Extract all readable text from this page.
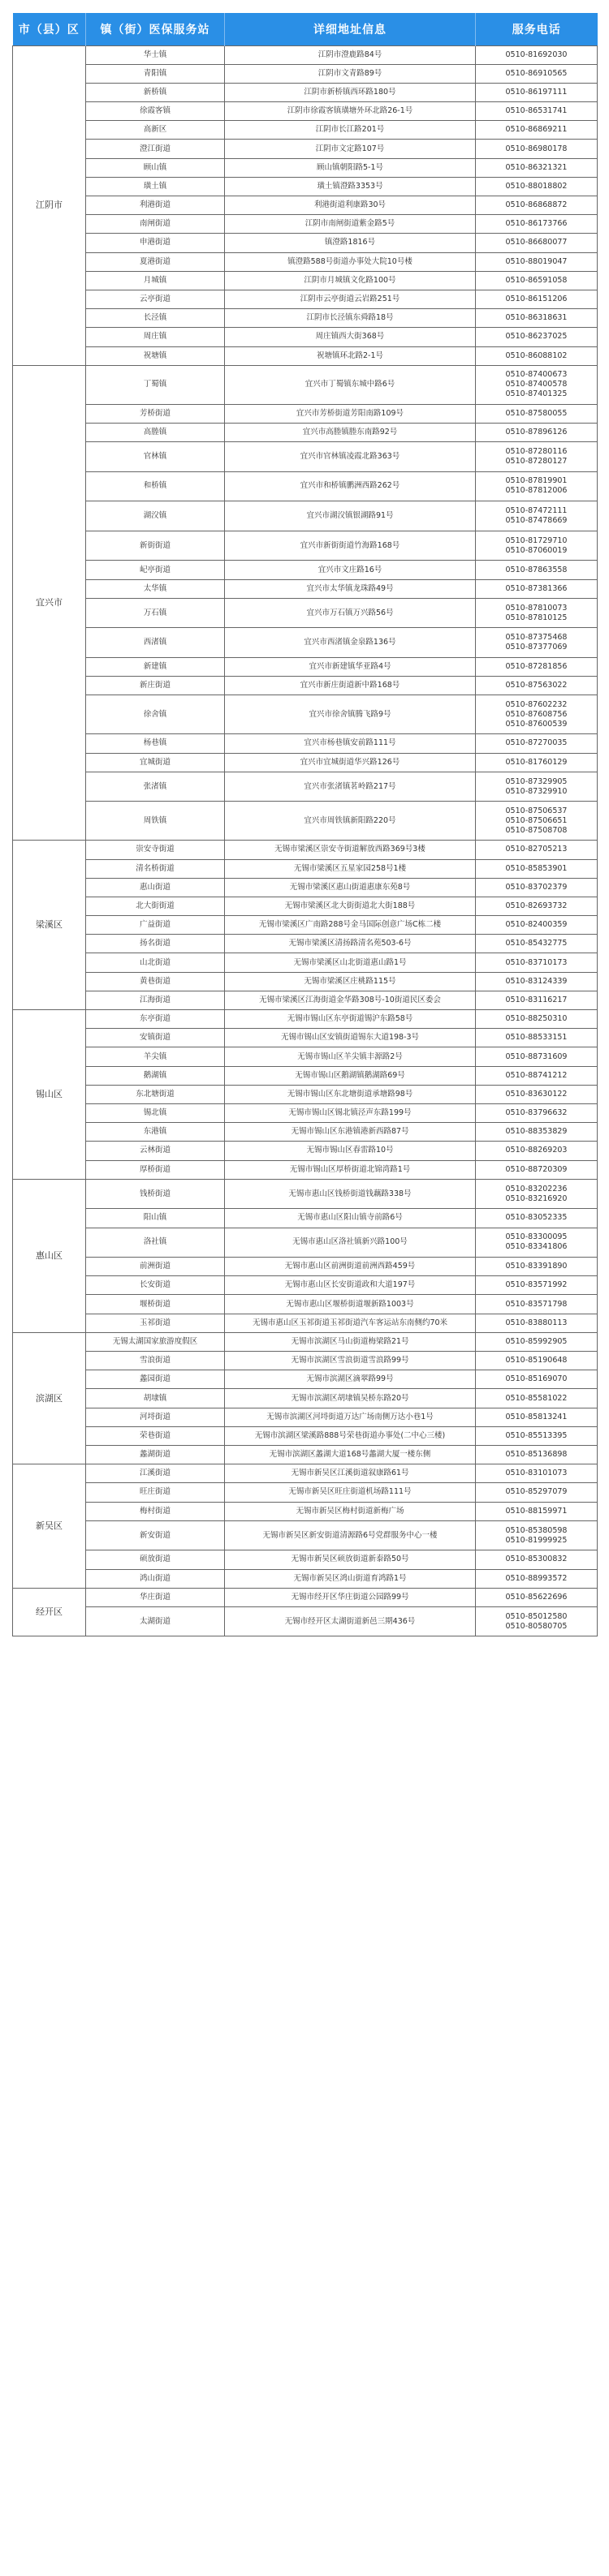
市（县）区	镇（街）医保服务站	详细地址信息	服务电话
江阴市	华士镇	江阴市澄鹿路84号	0510-81692030

	青阳镇	江阴市文青路89号	0510-86910565

	新桥镇	江阴市新桥镇西环路180号	0510-86197111

	徐霞客镇	江阴市徐霞客镇璜塘外环北路26-1号	0510-86531741

	高新区	江阴市长江路201号	0510-86869211

	澄江街道	江阴市文定路107号	0510-86980178

	顾山镇	顾山镇朝阳路5-1号	0510-86321321

	璜土镇	璜土镇澄路3353号	0510-88018802

	利港街道	利港街道利康路30号	0510-86868872

	南闸街道	江阴市南闸街道紫金路5号	0510-86173766

	申港街道	镇澄路1816号	0510-86680077

	夏港街道	镇澄路588号街道办事处大院10号楼	0510-88019047

	月城镇	江阴市月城镇文化路100号	0510-86591058

	云亭街道	江阴市云亭街道云岩路251号	0510-86151206

	长泾镇	江阴市长泾镇东舜路18号	0510-86318631

	周庄镇	周庄镇西大街368号	0510-86237025

	祝塘镇	祝塘镇环北路2-1号	0510-86088102

宜兴市	丁蜀镇	宜兴市丁蜀镇东城中路6号	0510-87400673
0510-87400578
0510-87401325

	芳桥街道	宜兴市芳桥街道芳阳南路109号	0510-87580055

	高塍镇	宜兴市高塍镇塍东南路92号	0510-87896126

	官林镇	宜兴市官林镇凌霞北路363号	0510-87280116
0510-87280127

	和桥镇	宜兴市和桥镇鹏洲西路262号	0510-87819901
0510-87812006

	湖㳇镇	宜兴市湖㳇镇银湖路91号	0510-87472111
0510-87478669

	新街街道	宜兴市新街街道竹海路168号	0510-81729710
0510-87060019

	屺亭街道	宜兴市文庄路16号	0510-87863558

	太华镇	宜兴市太华镇龙珠路49号	0510-87381366

	万石镇	宜兴市万石镇万兴路56号	0510-87810073
0510-87810125

	西渚镇	宜兴市西渚镇金泉路136号	0510-87375468
0510-87377069

	新建镇	宜兴市新建镇华亚路4号	0510-87281856

	新庄街道	宜兴市新庄街道新中路168号	0510-87563022

	徐舍镇	宜兴市徐舍镇腾飞路9号	0510-87602232
0510-87608756
0510-87600539

	杨巷镇	宜兴市杨巷镇安前路111号	0510-87270035

	宜城街道	宜兴市宜城街道华兴路126号	0510-81760129

	张渚镇	宜兴市张渚镇茗岭路217号	0510-87329905
0510-87329910

	周铁镇	宜兴市周铁镇新阳路220号	0510-87506537
0510-87506651
0510-87508708

梁溪区	崇安寺街道	无锡市梁溪区崇安寺街道解放西路369号3楼	0510-82705213

	清名桥街道	无锡市梁溪区五星家园258号1楼	0510-85853901

	惠山街道	无锡市梁溪区惠山街道惠康东苑8号	0510-83702379

	北大街街道	无锡市梁溪区北大街街道北大街188号	0510-82693732

	广益街道	无锡市梁溪区广南路288号金马国际创意广场C栋二楼	0510-82400359

	扬名街道	无锡市梁溪区清扬路清名苑503-6号	0510-85432775

	山北街道	无锡市梁溪区山北街道惠山路1号	0510-83710173

	黄巷街道	无锡市梁溪区庄桃路115号	0510-83124339

	江海街道	无锡市梁溪区江海街道金华路308号-10街道民区委会	0510-83116217

锡山区	东亭街道	无锡市锡山区东亭街道锡沪东路58号	0510-88250310

	安镇街道	无锡市锡山区安镇街道锡东大道198-3号	0510-88533151

	羊尖镇	无锡市锡山区羊尖镇丰源路2号	0510-88731609

	鹅湖镇	无锡市锡山区鹅湖镇鹅湖路69号	0510-88741212

	东北塘街道	无锡市锡山区东北塘街道承塘路98号	0510-83630122

	锡北镇	无锡市锡山区锡北镇泾声东路199号	0510-83796632

	东港镇	无锡市锡山区东港镇港新西路87号	0510-88353829

	云林街道	无锡市锡山区春雷路10号	0510-88269203

	厚桥街道	无锡市锡山区厚桥街道北锦湾路1号	0510-88720309

惠山区	钱桥街道	无锡市惠山区钱桥街道钱藕路338号	0510-83202236
0510-83216920

	阳山镇	无锡市惠山区阳山镇寺前路6号	0510-83052335

	洛社镇	无锡市惠山区洛社镇新兴路100号	0510-83300095
0510-83341806

	前洲街道	无锡市惠山区前洲街道前洲西路459号	0510-83391890

	长安街道	无锡市惠山区长安街道政和大道197号	0510-83571992

	堰桥街道	无锡市惠山区堰桥街道堰新路1003号	0510-83571798

	玉祁街道	无锡市惠山区玉祁街道玉祁街道汽车客运站东南侧约70米	0510-83880113

滨湖区	无锡太湖国家旅游度假区	无锡市滨湖区马山街道梅梁路21号	0510-85992905

	雪浪街道	无锡市滨湖区雪浪街道雪浪路99号	0510-85190648

	蠡园街道	无锡市滨湖区滴翠路99号	0510-85169070

	胡埭镇	无锡市滨湖区胡埭镇吴桥东路20号	0510-85581022

	河埒街道	无锡市滨湖区河埒街道万达广场南侧万达小巷1号	0510-85813241

	荣巷街道	无锡市滨湖区梁溪路888号荣巷街道办事处(二中心三楼)	0510-85513395

	蠡湖街道	无锡市滨湖区蠡湖大道168号蠡湖大厦一楼东侧	0510-85136898

新吴区	江溪街道	无锡市新吴区江溪街道叙康路61号	0510-83101073

	旺庄街道	无锡市新吴区旺庄街道机场路111号	0510-85297079

	梅村街道	无锡市新吴区梅村街道新梅广场	0510-88159971

	新安街道	无锡市新吴区新安街道清源路6号党群服务中心一楼	0510-85380598
0510-81999925

	硕放街道	无锡市新吴区硕放街道新泰路50号	0510-85300832

	鸿山街道	无锡市新吴区鸿山街道育鸿路1号	0510-88993572

经开区	华庄街道	无锡市经开区华庄街道公园路99号	0510-85622696

	太湖街道	无锡市经开区太湖街道新邑三期436号	0510-85012580
0510-80580705
